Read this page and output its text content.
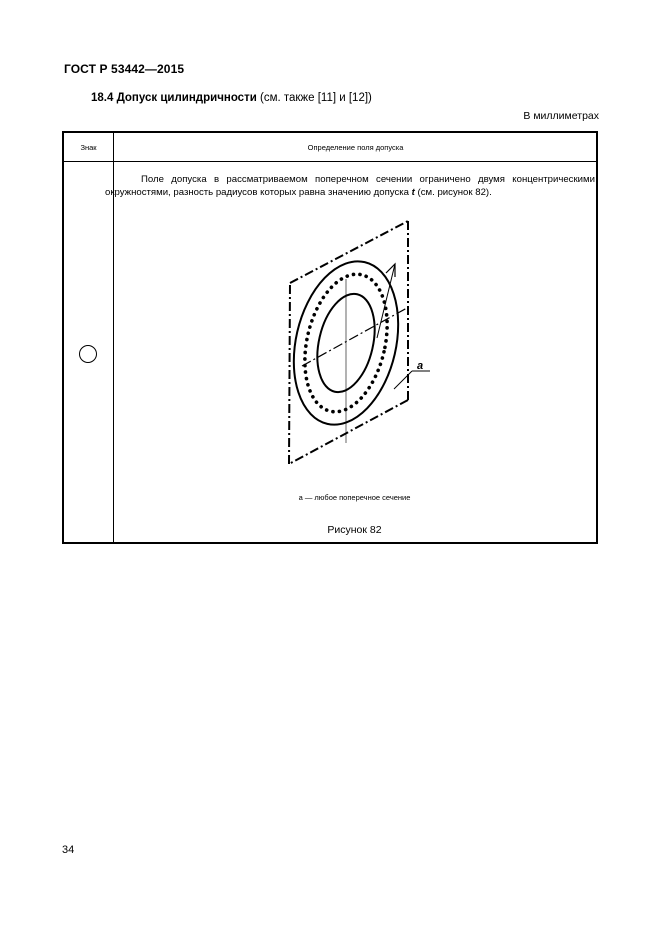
ГОСТ Р 53442—2015
18.4 Допуск цилиндричности (см. также [11] и [12])
В миллиметрах
Знак	Определение поля допуска

Поле допуска в рассматриваемом поперечном сечении ограничено двумя концентрическими окружностями, разность радиусов которых равна значению допуска t (см. рисунок 82).

a
a — любое поперечное сечение
Рисунок 82
34
